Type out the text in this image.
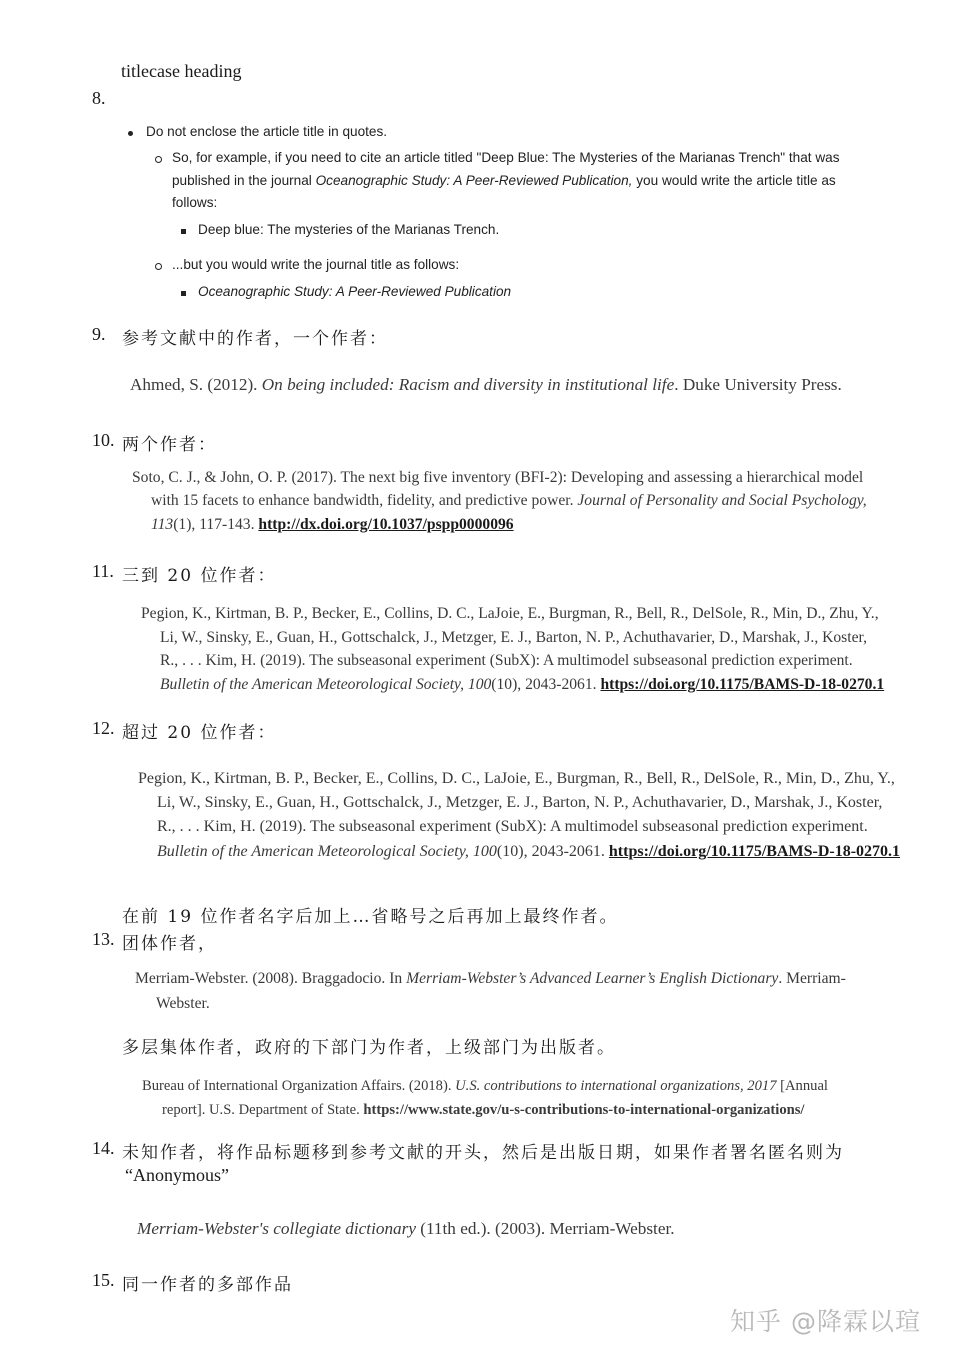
titlecase heading
8.
Do not enclose the article title in quotes.
So, for example, if you need to cite an article titled "Deep Blue: The Mysteries of the Marianas Trench" that was
published in the journal Oceanographic Study: A Peer-Reviewed Publication, you would write the article title as
follows:
Deep blue: The mysteries of the Marianas Trench.
...but you would write the journal title as follows:
Oceanographic Study: A Peer-Reviewed Publication
9. 参考文献中的作者，一个作者：
Ahmed, S. (2012). On being included: Racism and diversity in institutional life. Duke University Press.
10. 两个作者：
Soto, C. J., & John, O. P. (2017). The next big five inventory (BFI-2): Developing and assessing a hierarchical model
with 15 facets to enhance bandwidth, fidelity, and predictive power. Journal of Personality and Social Psychology,
113(1), 117-143. http://dx.doi.org/10.1037/pspp0000096
11. 三到 20 位作者：
Pegion, K., Kirtman, B. P., Becker, E., Collins, D. C., LaJoie, E., Burgman, R., Bell, R., DelSole, R., Min, D., Zhu, Y.,
Li, W., Sinsky, E., Guan, H., Gottschalck, J., Metzger, E. J., Barton, N. P., Achuthavarier, D., Marshak, J., Koster,
R., . . . Kim, H. (2019). The subseasonal experiment (SubX): A multimodel subseasonal prediction experiment.
Bulletin of the American Meteorological Society, 100(10), 2043-2061. https://doi.org/10.1175/BAMS-D-18-0270.1
12. 超过 20 位作者：
Pegion, K., Kirtman, B. P., Becker, E., Collins, D. C., LaJoie, E., Burgman, R., Bell, R., DelSole, R., Min, D., Zhu, Y.,
Li, W., Sinsky, E., Guan, H., Gottschalck, J., Metzger, E. J., Barton, N. P., Achuthavarier, D., Marshak, J., Koster,
R., . . . Kim, H. (2019). The subseasonal experiment (SubX): A multimodel subseasonal prediction experiment.
Bulletin of the American Meteorological Society, 100(10), 2043-2061. https://doi.org/10.1175/BAMS-D-18-0270.1
在前 19 位作者名字后加上…省略号之后再加上最终作者。
13. 团体作者，
Merriam-Webster. (2008). Braggadocio. In Merriam-Webster’s Advanced Learner’s English Dictionary. Merriam-
Webster.
多层集体作者，政府的下部门为作者，上级部门为出版者。
Bureau of International Organization Affairs. (2018). U.S. contributions to international organizations, 2017 [Annual
report]. U.S. Department of State. https://www.state.gov/u-s-contributions-to-international-organizations/
14. 未知作者，将作品标题移到参考文献的开头，然后是出版日期，如果作者署名匿名则为
“Anonymous”
Merriam-Webster's collegiate dictionary (11th ed.). (2003). Merriam-Webster.
15. 同一作者的多部作品
知乎 @降霖以瑄
